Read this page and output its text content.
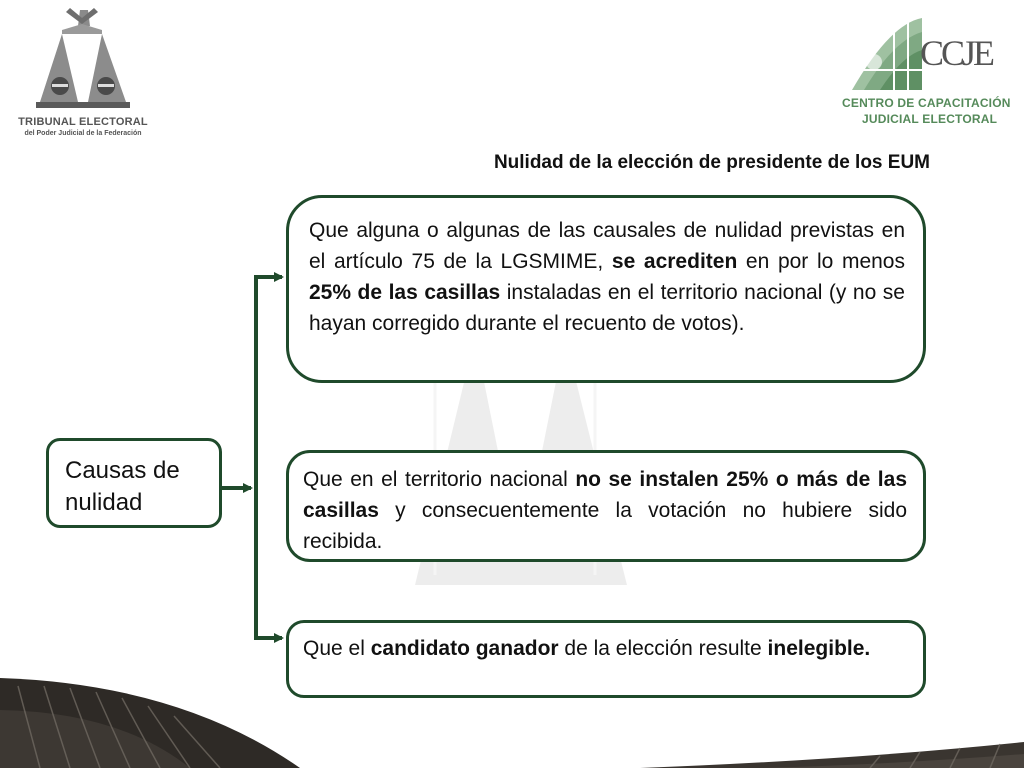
TRIBUNAL ELECTORAL
del Poder Judicial de la Federación
CCJE
CENTRO DE CAPACITACIÓN
JUDICIAL ELECTORAL
Nulidad de la elección de presidente de los EUM
Causas de nulidad
Que alguna o algunas de las causales de nulidad previstas en el artículo 75 de la LGSMIME, se acrediten en por lo menos 25% de las casillas instaladas en el territorio nacional (y no se hayan corregido durante el recuento de votos).
Que en el territorio nacional no se instalen 25% o más de las casillas y consecuentemente la votación no hubiere sido recibida.
Que el candidato ganador de la elección resulte inelegible.
